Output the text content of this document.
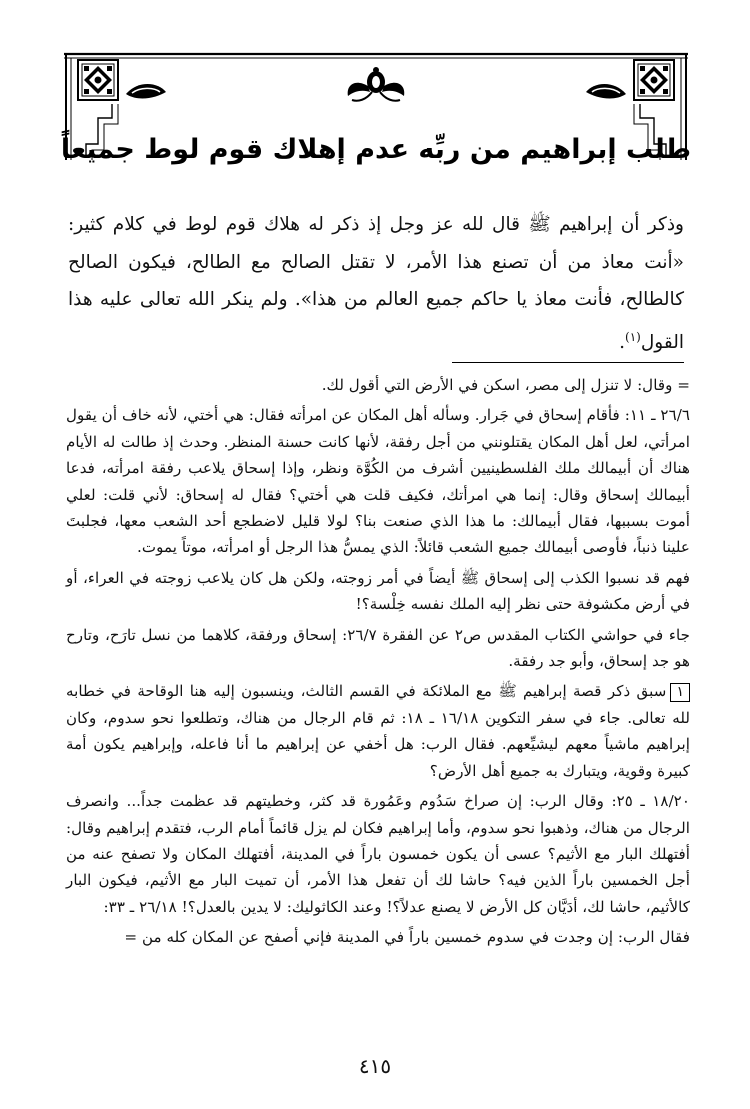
طلب إبراهيم من ربِّه عدم إهلاك قوم لوط جميعاً

وذكر أن إبراهيم ﷺ قال لله عز وجل إذ ذكر له هلاك قوم لوط في كلام كثير: «أنت معاذ من أن تصنع هذا الأمر، لا تقتل الصالح مع الطالح، فيكون الصالح كالطالح، فأنت معاذ يا حاكم جميع العالم من هذا». ولم ينكر الله تعالى عليه هذا القول$^{(١)}$.

= وقال: لا تنزل إلى مصر، اسكن في الأرض التي أقول لك.

٢٦/٦ ـ ١١: فأقام إسحاق في جَرار. وسأله أهل المكان عن امرأته فقال: هي أختي، لأنه خاف أن يقول امرأتي، لعل أهل المكان يقتلونني من أجل رفقة، لأنها كانت حسنة المنظر. وحدث إذ طالت له الأيام هناك أن أبيمالك ملك الفلسطينيين أشرف من الكُوَّة ونظر، وإذا إسحاق يلاعب رفقة امرأته، فدعا أبيمالك إسحاق وقال: إنما هي امرأتك، فكيف قلت هي أختي؟ فقال له إسحاق: لأني قلت: لعلي أموت بسببها، فقال أبيمالك: ما هذا الذي صنعت بنا؟ لولا قليل لاضطجع أحد الشعب معها، فجلبتَ علينا ذنباً، فأوصى أبيمالك جميع الشعب قائلاً: الذي يمسُّ هذا الرجل أو امرأته، موتاً يموت.

فهم قد نسبوا الكذب إلى إسحاق ﷺ أيضاً في أمر زوجته، ولكن هل كان يلاعب زوجته في العراء، أو في أرض مكشوفة حتى نظر إليه الملك نفسه خِلْسة؟!

جاء في حواشي الكتاب المقدس ص٢ عن الفقرة ٢٦/٧: إسحاق ورفقة، كلاهما من نسل تارَح، وتارح هو جد إسحاق، وأبو جد رفقة.

١سبق ذكر قصة إبراهيم ﷺ مع الملائكة في القسم الثالث، وينسبون إليه هنا الوقاحة في خطابه لله تعالى. جاء في سفر التكوين ١٦/١٨ ـ ١٨: ثم قام الرجال من هناك، وتطلعوا نحو سدوم، وكان إبراهيم ماشياً معهم ليشيِّعهم. فقال الرب: هل أخفي عن إبراهيم ما أنا فاعله، وإبراهيم يكون أمة كبيرة وقوية، ويتبارك به جميع أهل الأرض؟

١٨/٢٠ ـ ٢٥: وقال الرب: إن صراخ سَدُوم وعَمُورة قد كثر، وخطيتهم قد عظمت جداً... وانصرف الرجال من هناك، وذهبوا نحو سدوم، وأما إبراهيم فكان لم يزل قائماً أمام الرب، فتقدم إبراهيم وقال: أفتهلك البار مع الأثيم؟ عسى أن يكون خمسون باراً في المدينة، أفتهلك المكان ولا تصفح عنه من أجل الخمسين باراً الذين فيه؟ حاشا لك أن تفعل هذا الأمر، أن تميت البار مع الأثيم، فيكون البار كالأثيم، حاشا لك، أدَيَّان كل الأرض لا يصنع عدلاً؟! وعند الكاثوليك: لا يدين بالعدل؟! ٢٦/١٨ ـ ٣٣:

فقال الرب: إن وجدت في سدوم خمسين باراً في المدينة فإني أصفح عن المكان كله من =

٤١٥
